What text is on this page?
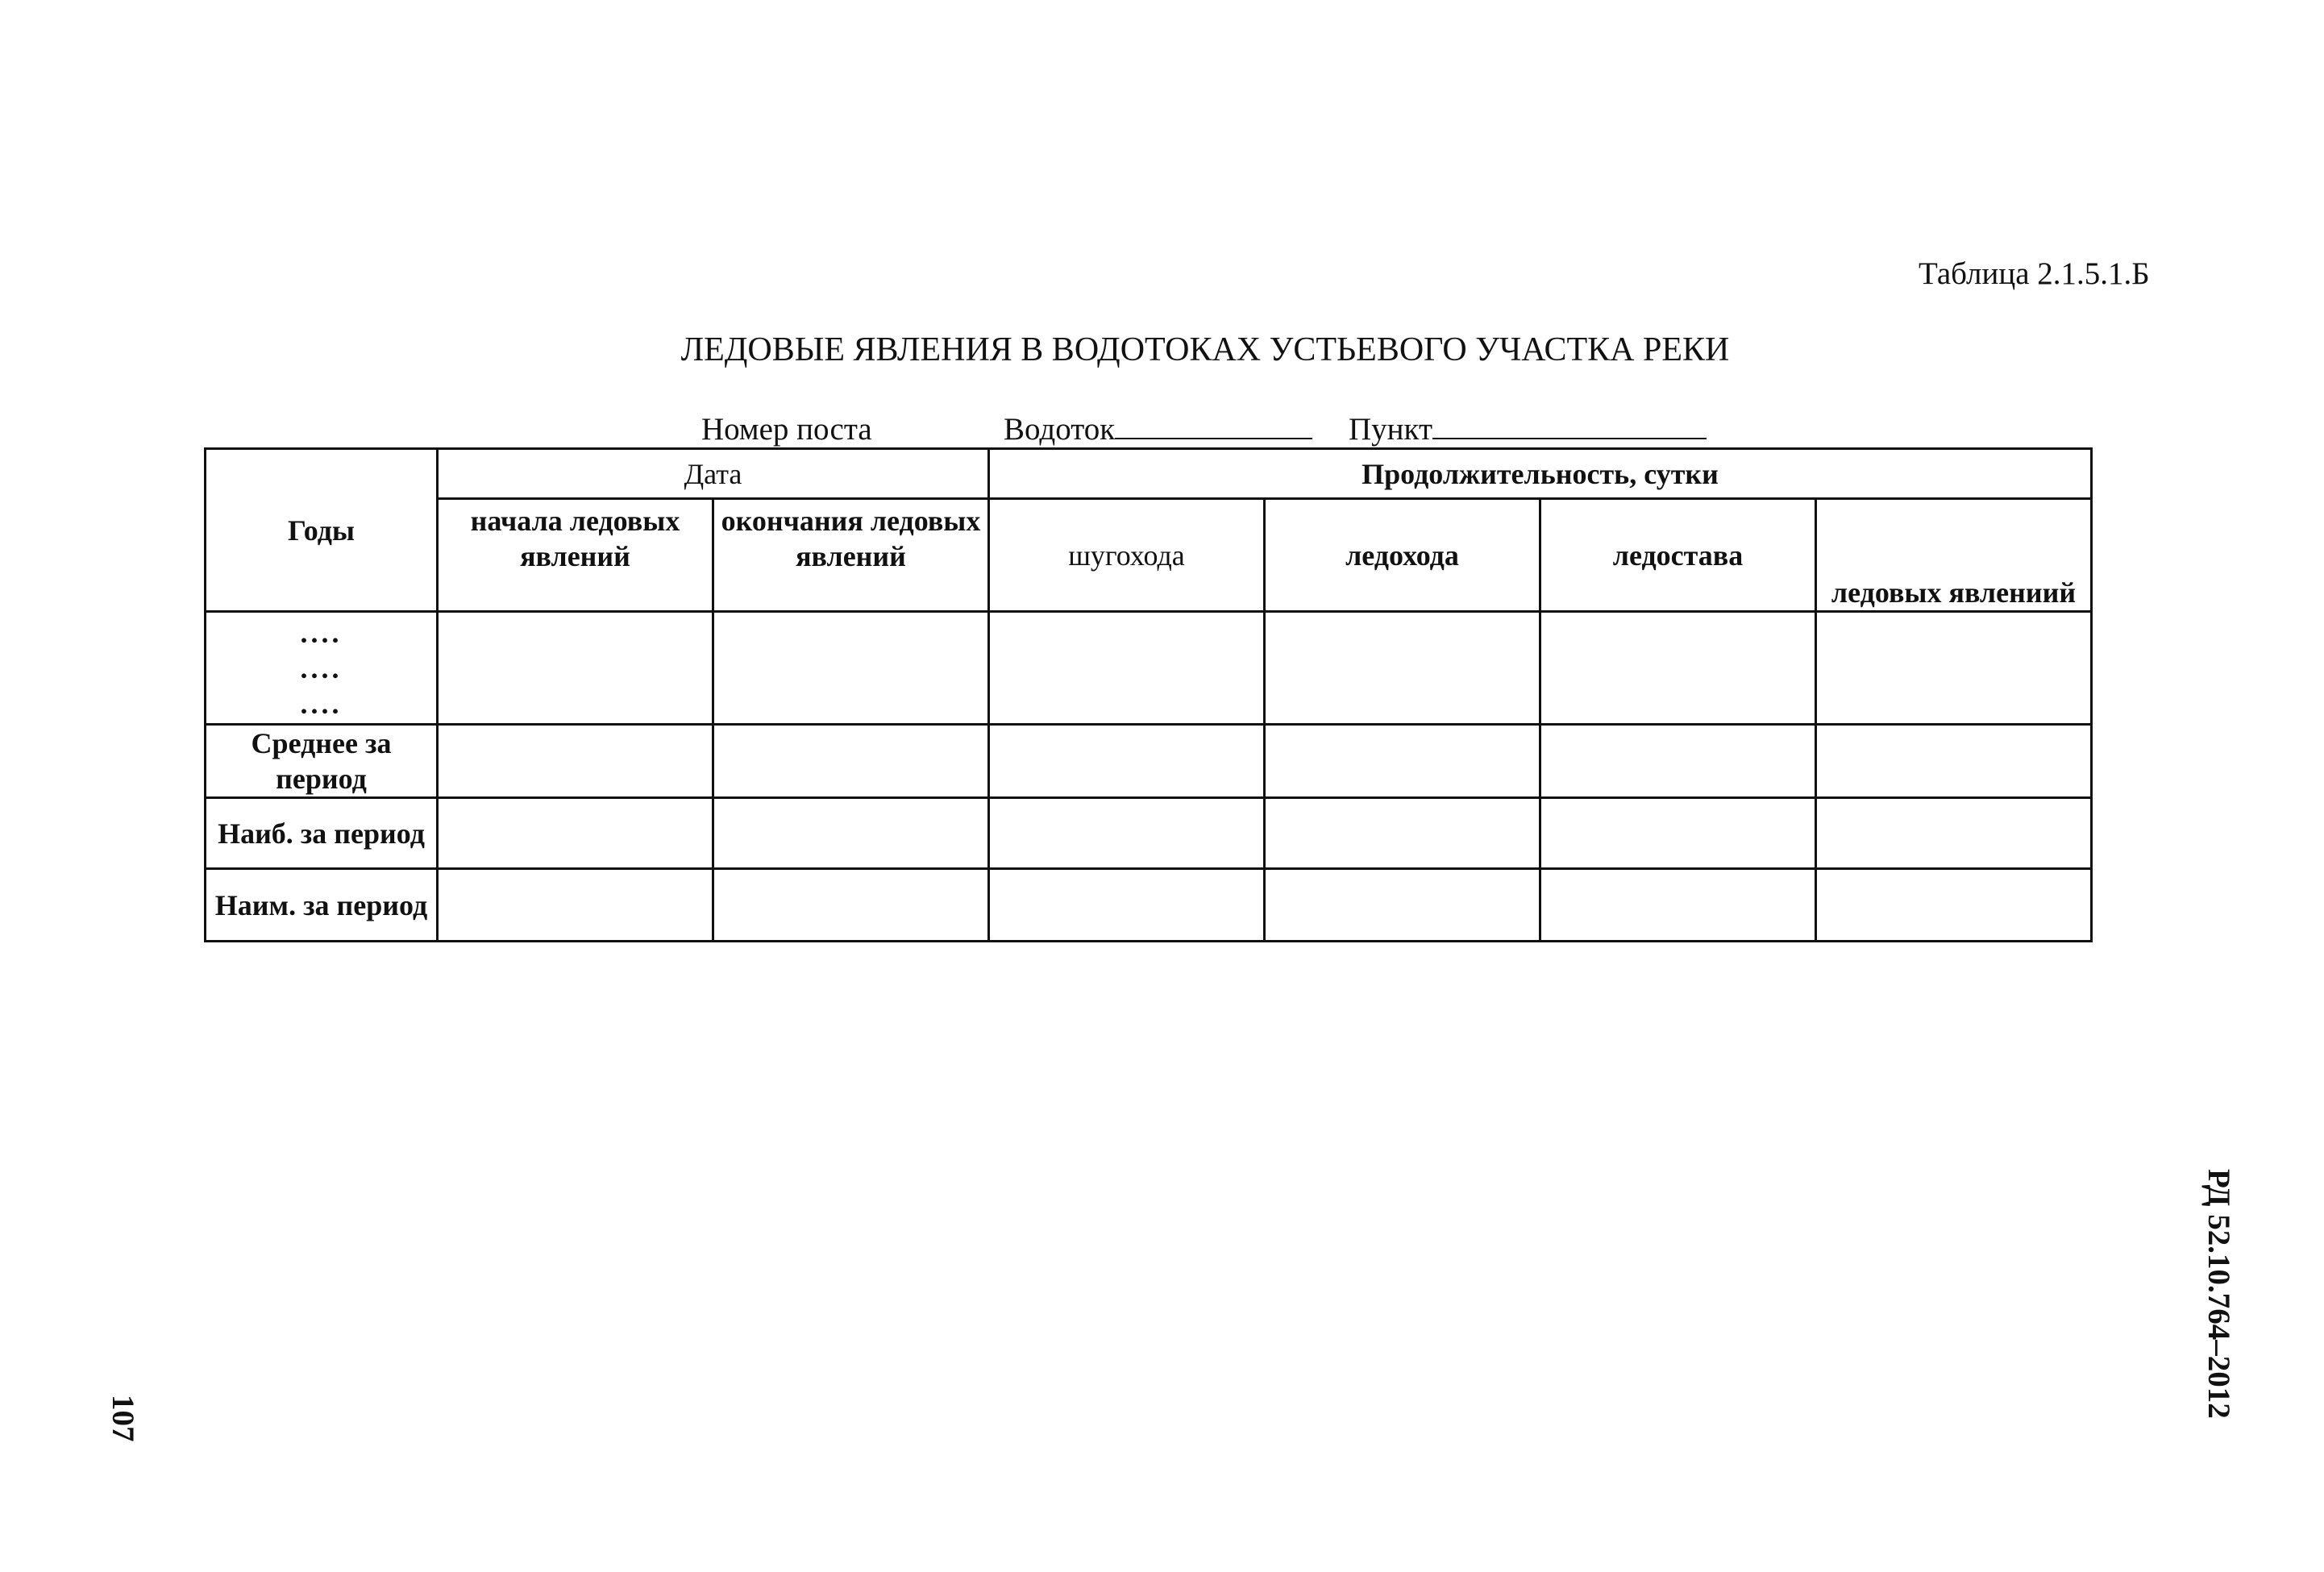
Таблица 2.1.5.1.Б
ЛЕДОВЫЕ ЯВЛЕНИЯ В ВОДОТОКАХ УСТЬЕВОГО УЧАСТКА РЕКИ
Номер поста	Водоток	Пункт
Годы	Дата		Продолжительность, сутки			
	начала ледовых явлений	окончания ледовых явлений	шугохода	ледохода	ледостава	ледовых явлениий

....
....
....						

Среднее за период						
Наиб. за период						
Наим. за период						
РД 52.10.764–2012
107
